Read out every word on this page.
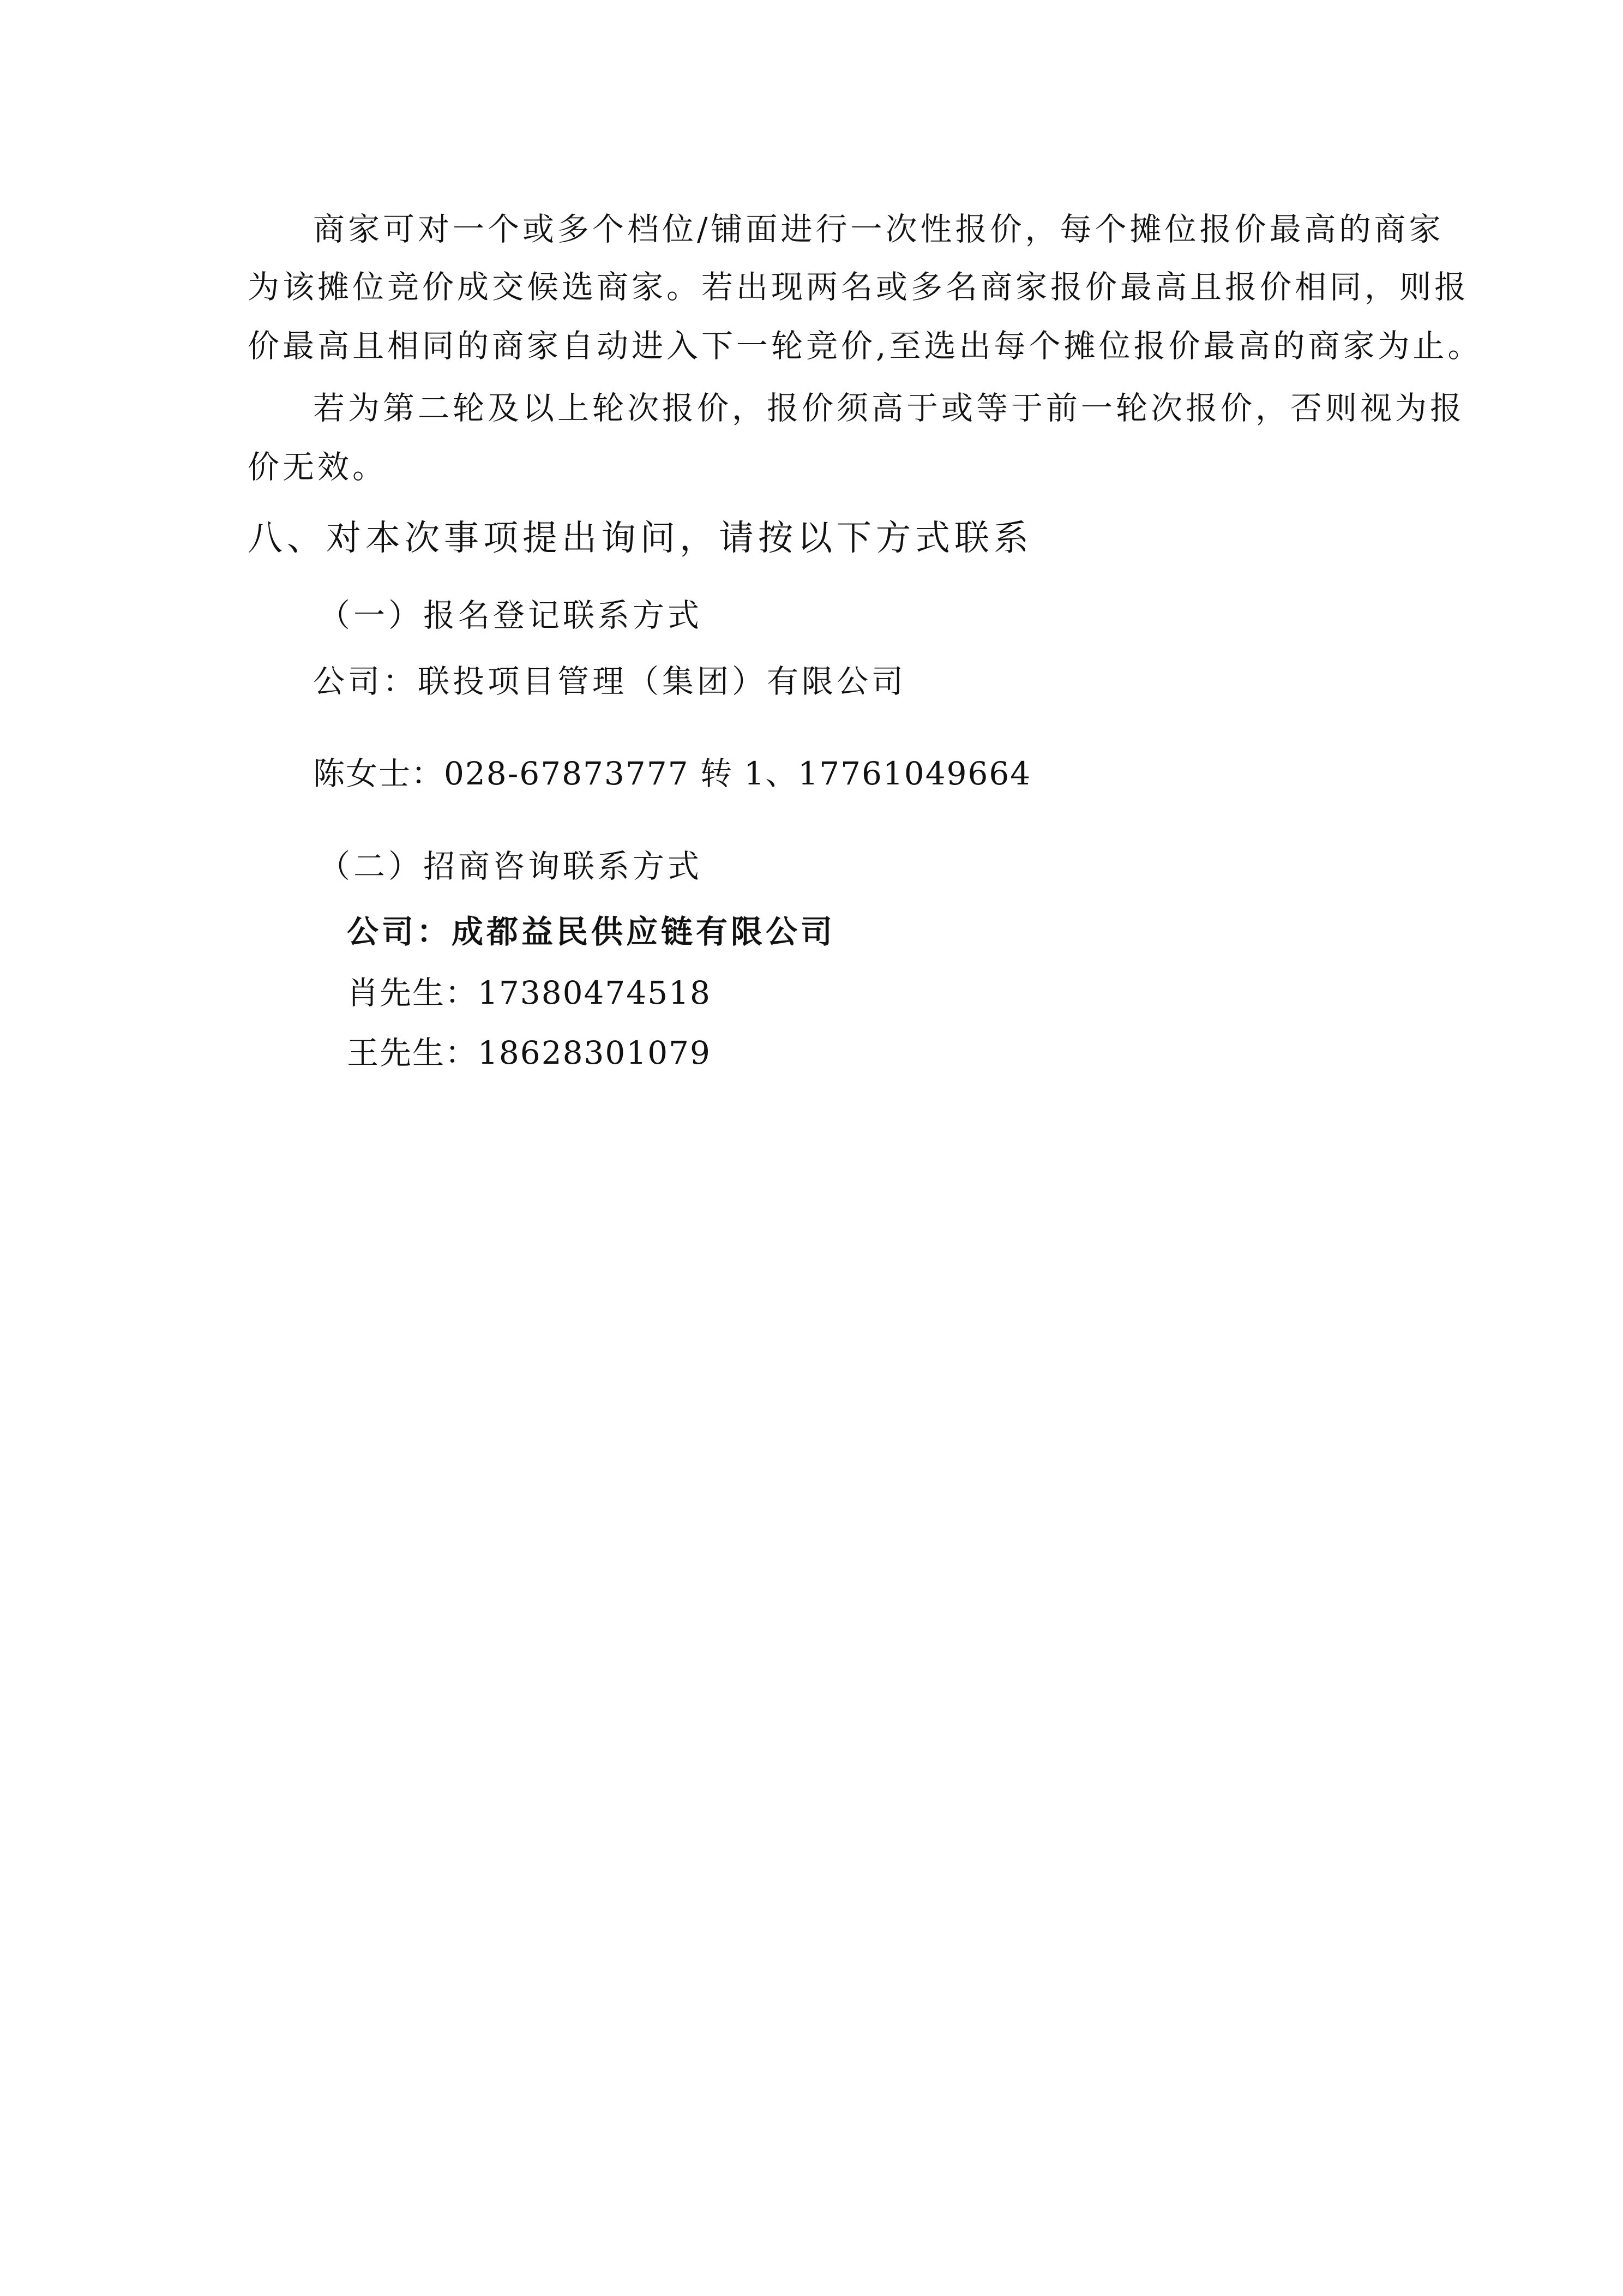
商家可对一个或多个档位/铺面进行一次性报价，每个摊位报价最高的商家
为该摊位竞价成交候选商家。若出现两名或多名商家报价最高且报价相同，则报
价最高且相同的商家自动进入下一轮竞价,至选出每个摊位报价最高的商家为止。
若为第二轮及以上轮次报价，报价须高于或等于前一轮次报价，否则视为报
价无效。
八、对本次事项提出询问，请按以下方式联系
（一）报名登记联系方式
公司：联投项目管理（集团）有限公司
陈女士：028-67873777 转 1、17761049664
（二）招商咨询联系方式
公司：成都益民供应链有限公司
肖先生：17380474518
王先生：18628301079
